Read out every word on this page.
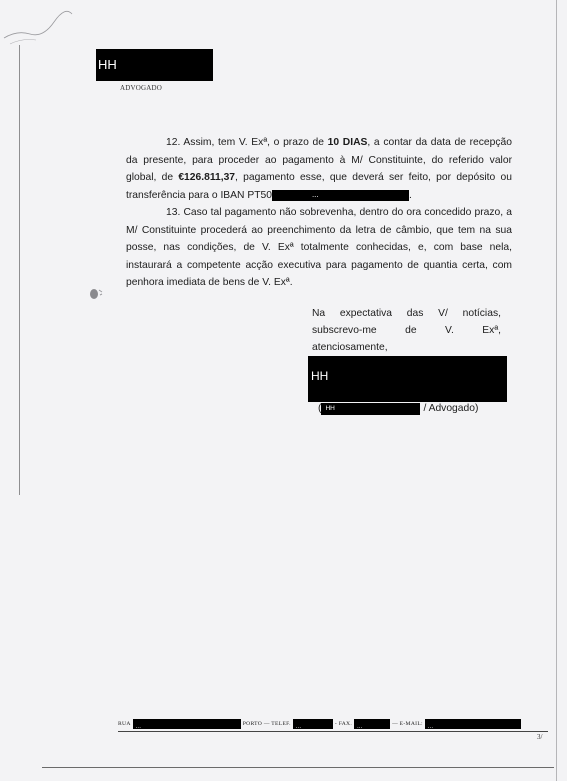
HH
ADVOGADO
12. Assim, tem V. Exª, o prazo de 10 DIAS, a contar da data de recepção da presente, para proceder ao pagamento à M/ Constituinte, do referido valor global, de €126.811,37, pagamento esse, que deverá ser feito, por depósito ou transferência para o IBAN PT50	...	.
13. Caso tal pagamento não sobrevenha, dentro do ora concedido prazo, a M/ Constituinte procederá ao preenchimento da letra de câmbio, que tem na sua posse, nas condições, de V. Exª totalmente conhecidas, e, com base nela, instaurará a competente acção executiva para pagamento de quantia certa, com penhora imediata de bens de V. Exª.
Na expectativa das V/ notícias,
subscrevo-me	de	V.	Exª,
atenciosamente,
HH
( HH	/ Advogado)
RUA ...	PORTO — TELEF. ...	- FAX. ...	— E-MAIL: ...
3/
